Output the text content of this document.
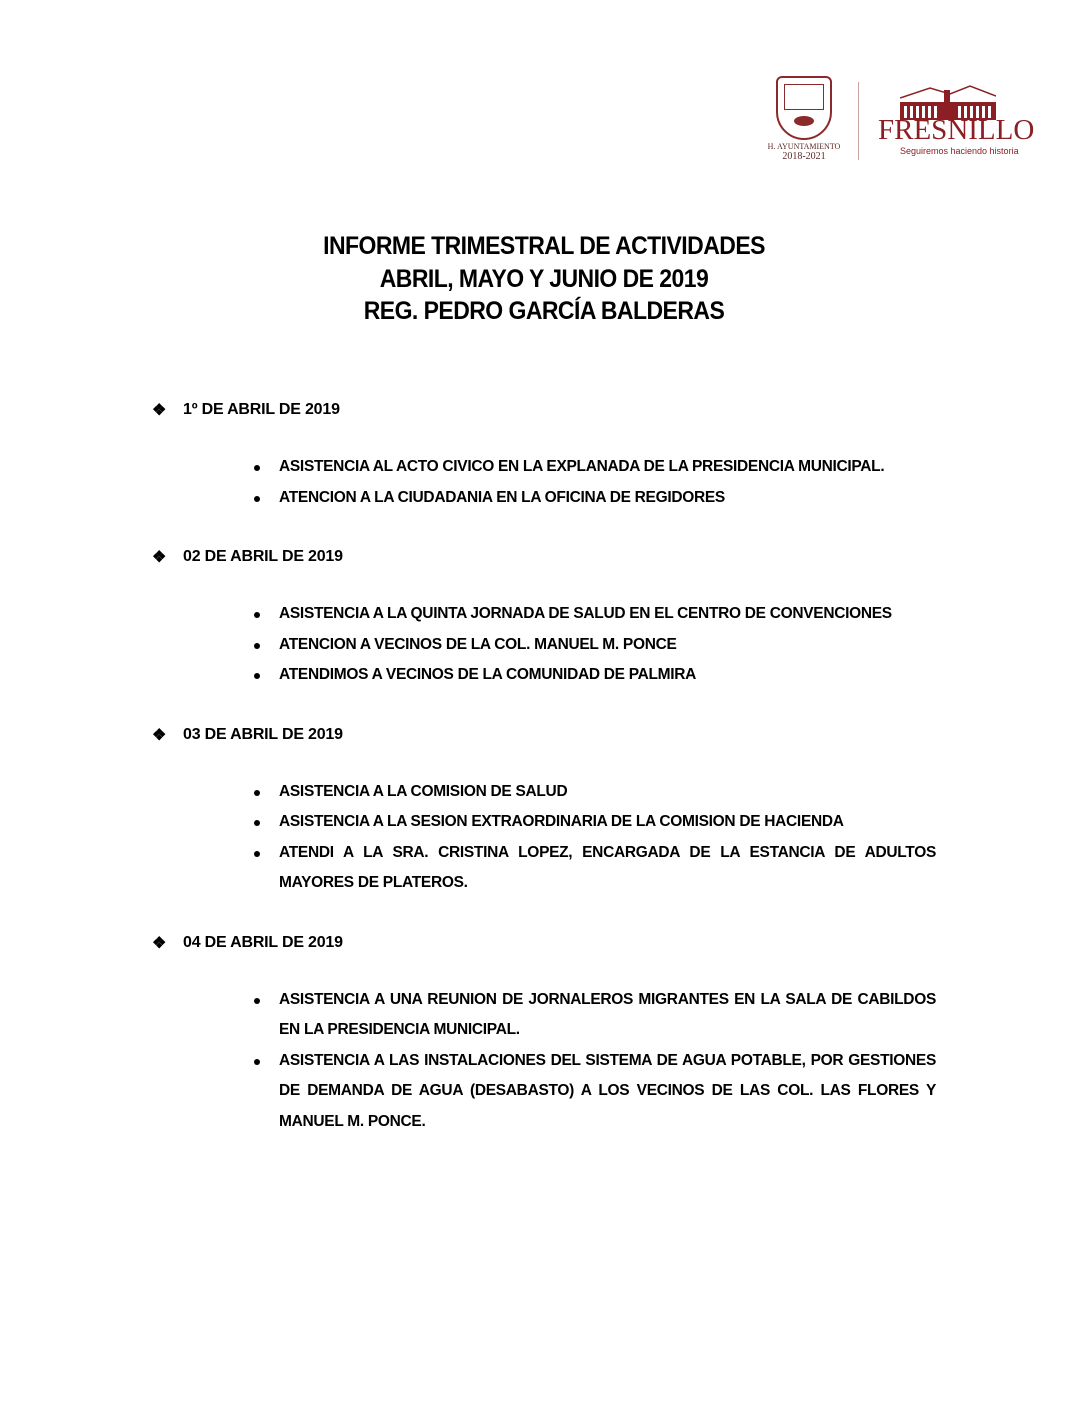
H. AYUNTAMIENTO
2018-2021
FRESNILLO
Seguiremos haciendo historia
INFORME TRIMESTRAL DE ACTIVIDADES
ABRIL, MAYO Y JUNIO DE 2019
REG. PEDRO GARCÍA BALDERAS
❖	1º DE ABRIL DE 2019
ASISTENCIA AL ACTO CIVICO EN LA EXPLANADA DE LA PRESIDENCIA MUNICIPAL.
ATENCION A LA CIUDADANIA EN LA OFICINA DE REGIDORES
❖	02 DE ABRIL DE 2019
ASISTENCIA A LA QUINTA JORNADA DE SALUD EN EL CENTRO DE CONVENCIONES
ATENCION A VECINOS DE LA COL. MANUEL M. PONCE
ATENDIMOS A VECINOS DE LA COMUNIDAD DE PALMIRA
❖	03 DE ABRIL DE 2019
ASISTENCIA A LA COMISION DE SALUD
ASISTENCIA A LA SESION EXTRAORDINARIA DE LA COMISION DE HACIENDA
ATENDI A LA SRA. CRISTINA LOPEZ, ENCARGADA DE LA ESTANCIA DE ADULTOS MAYORES DE PLATEROS.
❖	04 DE ABRIL DE 2019
ASISTENCIA A UNA REUNION DE JORNALEROS MIGRANTES EN LA SALA DE CABILDOS EN LA PRESIDENCIA MUNICIPAL.
ASISTENCIA A LAS INSTALACIONES DEL SISTEMA DE AGUA POTABLE, POR GESTIONES DE DEMANDA DE AGUA (DESABASTO) A LOS VECINOS DE LAS COL. LAS FLORES Y MANUEL M. PONCE.
